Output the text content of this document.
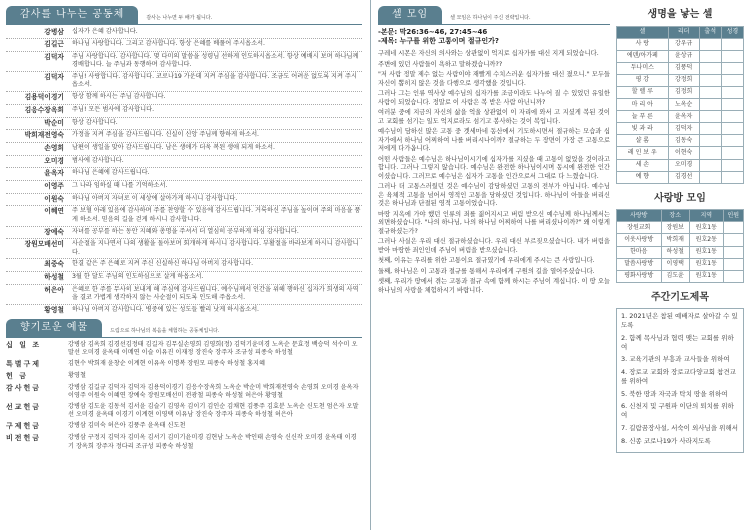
감사를 나누는 공동체	감사는 나누면 두 배가 됩니다.
강병삼	십자가 은혜 감사합니다.
김길근	하나님 사랑합니다. 그리고 감사합니다. 항상 은혜를 베풀어 주시옵소서.
김덕자	주님 사랑합니다. 감사합니다. 몇 다미의 말씀을 성령님 선하게 인도하시옵소서. 항상 예배시 보며 하나님께 경배합니다. 늘 주님과 동행하며 감사합니다.
김덕자	주님! 사랑합니다. 감사합니다. 코로나19 가운데 지켜 주심을 감사합니다. 조금도 어려운 없도록 지켜 주시옵소서.
김용덕이경기	항상 함께 하시는 주님 감사합니다.
김응수장옥희	주님! 모든 범사에 감사합니다.
박순미	항상 감사합니다.
박희재전영숙	가정을 지켜 주심을 감사드립니다. 신실이 신앙 주님께 향하게 하소서.
손영희	남편이 생일을 맞아 감사드립니다. 남은 생애가 더욱 복된 생애 되게 하소서.
오미경	범사에 감사합니다.
윤옥자	하나님 은혜에 감사드립니다.
이영주	그 나라 임하실 때 나를 기억하소서.
이원숙	하나님 아버지 자녀로 이 세상에 살아가게 하시니 감사합니다.
이혜연	주 보혈 아래 있음에 감사하며 주를 찬양할 수 있음에 감사드립니다. 거룩하신 주님을 높이며 주의 마음을 품게 하소서. 믿음의 길을 걷게 하시니 감사합니다.
장예숙	자녀를 공부를 하는 동안 지혜와 총명을 주셔서 더 열심히 공부하게 하심 감사합니다.
장원모배선미	사순절을 지나면서 나의 생활을 돌아보며 회개하게 하시니 감사합니다. 부활절을 바라보게 하시니 감사합니다.
최중숙	한결 같은 주 은혜로 지켜 주신 신실하신 하나님 아버지 감사합니다.
하성철	3월 한 달도 주님의 인도하심으로 살게 하옵소서.
허은아	은혜로 한 주를 무사히 보내게 해 주심에 감사드립니다. 예수님께서 인간을 위해 행하신 십자가 희생의 사역을 결코 가볍게 생각하지 않는 사순절이 되도록 인도해 주옵소서.
황영철	하나님 아버지 감사합니다. 병중에 있는 성도들 빨리 낫게 하시옵소서.
향기로운 예물	드림으로 하나님의 복음을 체험하는 공동체입니다.
십 일 조	강병삼 김옥희 김경선김정태 김길자 김무실손영희 김영희(정) 김덕기윤미경 노옥순 문효정 백승덕 석수미 오말선 오미경 윤옥태 이메연 이슬 이유진 이재정 장진숙 장주자 조규성 피종숙 하성철
특별구제	김현수 박희재 윤창순 이계현 이유옥 이명복 장원모 피종숙 하성철 홍지혜
헌 금	황영철
감사헌금	강병삼 김길규 김덕자 김덕자 김용덕이경기 김응수장옥희 노옥순 박순미 박희재전영숙 손영희 오미경 윤옥자 이영주 이원숙 이혜연 장예숙 장원모배선미 전광철 피종숙 하성철 허은아 황영철
선교헌금	강병삼 김도윤 김동석 김서윤 김슬기 김영옥 김이기 김인순 김채현 김풍주 김효분 노옥순 신도천 엄은자 오말선 오미경 윤옥태 이경기 이계현 이영택 이유남 장진숙 장주자 피종숙 하성철 허은아
구제헌금	강병삼 김미숙 허은아 김풍주 윤옥태 신도천
비전헌금	강병삼 구정지 김덕자 김미옥 김서기 김미기윤미경 김현남 노옥순 박인태 손영숙 신신작 오미경 윤옥태 이경기 장옥희 장주자 정다리 조규성 피종숙 하성철
셀 모임	셀 모임은 하나님이 주신 전략입니다.
-본문: 막26:36~46, 27:45~46
-제목: 누구를 위한 고통이며 절규인가?
구레네 시몬은 자신의 의사와는 상관없이 억지로 십자가를 대신 지게 되었습니다.
주변에 있던 사람들이 욕하고 말하겠습니까??
"저 사람 정말 제수 없는 사람이야 재빨게 수치스러운 십자가를 대신 졌으니." 모두들 자신이 뽑히지 않은 것을 다행으로 생각했을 것입니다.
그러나 그는 인류 역사상 예수님의 십자가를 조금이라도 나누어 질 수 있었던 유일한 사람이 되었습니다. 정말로 이 사람은 복 받은 사람 아닌니까?
여러분 중에 지금의 자신의 삶을 억울 상관없이 이 자리에 와서 고 지셨게 복된 것이고 교회를 섬기는 일도 억지로라도 섬기고 봉사하는 것이 복입니다.
예수님이 담하신 많은 고통 중 겟세마네 동산에서 기도하시면서 절규하는 모습과 십자가에서 하나님 어찌하여 나를 버리시나이까? 절규하는 두 장면이 가장 큰 고통으로 저에게 다가옵니다.
어떤 사람들은 예수님은 하나님이시기에 십자가를 지셨을 때 고통이 없었을 것이라고 합니다. 그러나 그렇지 않습니다. 예수님은 완전한 하나님이시며 동시에 완전한 인간이셨습니다. 그러므로 예수님은 십자가 고통을 인간으로서 그대로 다 느꼈습니다.
그러나 더 고통스러웠던 것은 예수님이 감당하셨던 고통의 전부가 아닙니다. 예수님은 육체적 고통을 넘어서 영적인 고통을 당하셨던 것입니다. 하나님이 아들을 버리신 것은 하나님과 단절된 영적 고통이었습니다.
마땅 지옥에 가야 했던 인류의 죄를 짊어지시고 버림 받으신 예수님께 하나님께서는 외면하셨습니다. "나의 하나님, 나의 하나님 어찌하여 나를 버리셨나이까?" 왜 이렇게 절규하셨는가?
그러나 사실은 우리 대신 절규하셨습니다. 우리 대신 부르짖으셨습니다. 내가 버림을 받아 마땅한 죄인인데 주님이 버림을 받으셨습니다.
첫째, 이유는 우리를 위한 고통이요 절규였기에 우리에게 주시는 큰 사랑입니다.
둘째, 하나님은 이 고통과 절규를 통해서 우리에게 구원의 길을 열어주셨습니다.
셋째, 우리가 땅에서 겪는 고통과 절규 속에 함께 하시는 주님이 계십니다. 이 땅 오늘 하나님의 사랑을 체험하시기 바랍니다.
생명을 낳는 셀
셀	리더	출석	성경
사 랑	강우규		
에덴/아가페	윤상규		
두나미스	김풍덕		
평 강	강정희		
할 렐 루	김정희		
마 리 아	노옥순		
늘 푸 른	윤옥자		
빛 과 라	김덕자		
샬 롬	김동숙		
레 인 보 우	이현숙		
세 손	오미경		
예 향	김경선		
사랑방 모임
사랑방	장소	지역	인원
장원교회	장원보	원호1동	
이웃사랑방	박희재	원호2동	
한마음	하성철	원호1동	
말씀사랑방	이영택	원호1동	
평화사랑방	김도윤	원호1동	
주간기도제목
1. 2021년은 참된 예배자로 살아갈 수 있도록
2. 함께 목사님과 협력 맺는 교회를 위하여
3. 교육기관의 부흥과 교사들을 위하여
4. 장로교 교회와 장로교다양교회 참견교를 위하여
5. 북한 땅과 자국과 탁치 땅을 위하여
6. 신천지 및 구원파 이단의 퇴치를 위하여
7. 길람꿈장사설, 서숙이 외사님을 위해서
8. 신종 코로나19가 사라지도록
